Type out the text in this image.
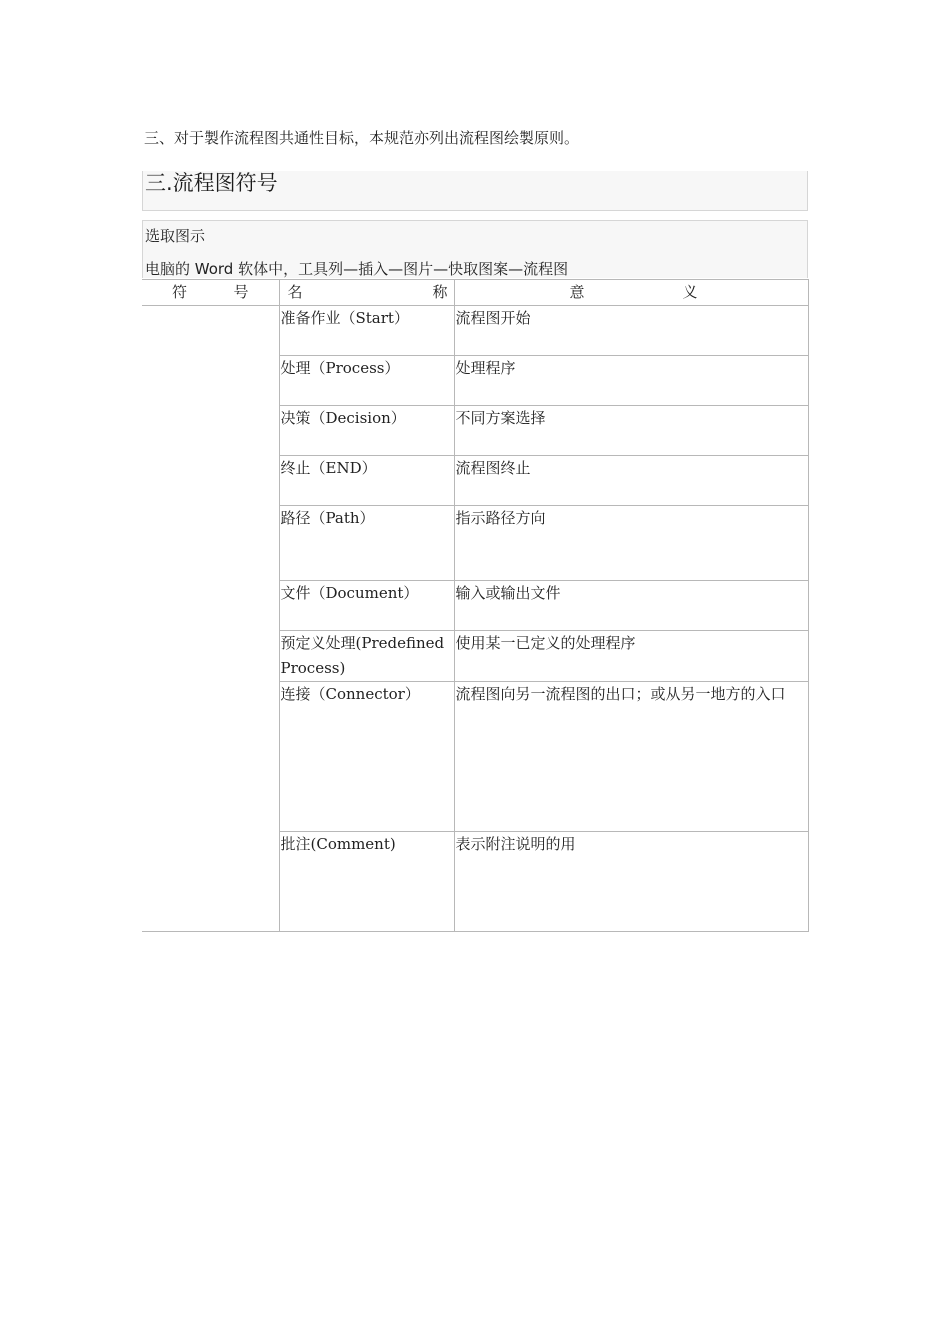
三、对于製作流程图共通性目标，本规范亦列出流程图绘製原则。
三.流程图符号
选取图示
电脑的 Word 软体中，工具列—插入—图片—快取图案—流程图
符 号	名 称	意 义

	准备作业（Start）	流程图开始

	处理（Process）	处理程序

	决策（Decision）	不同方案选择

	终止（END）	流程图终止

	路径（Path）	指示路径方向

	文件（Document）	输入或输出文件

	预定义处理(Predefined Process)	使用某一已定义的处理程序

	连接（Connector）	流程图向另一流程图的出口；或从另一地方的入口

	批注(Comment)	表示附注说明的用
